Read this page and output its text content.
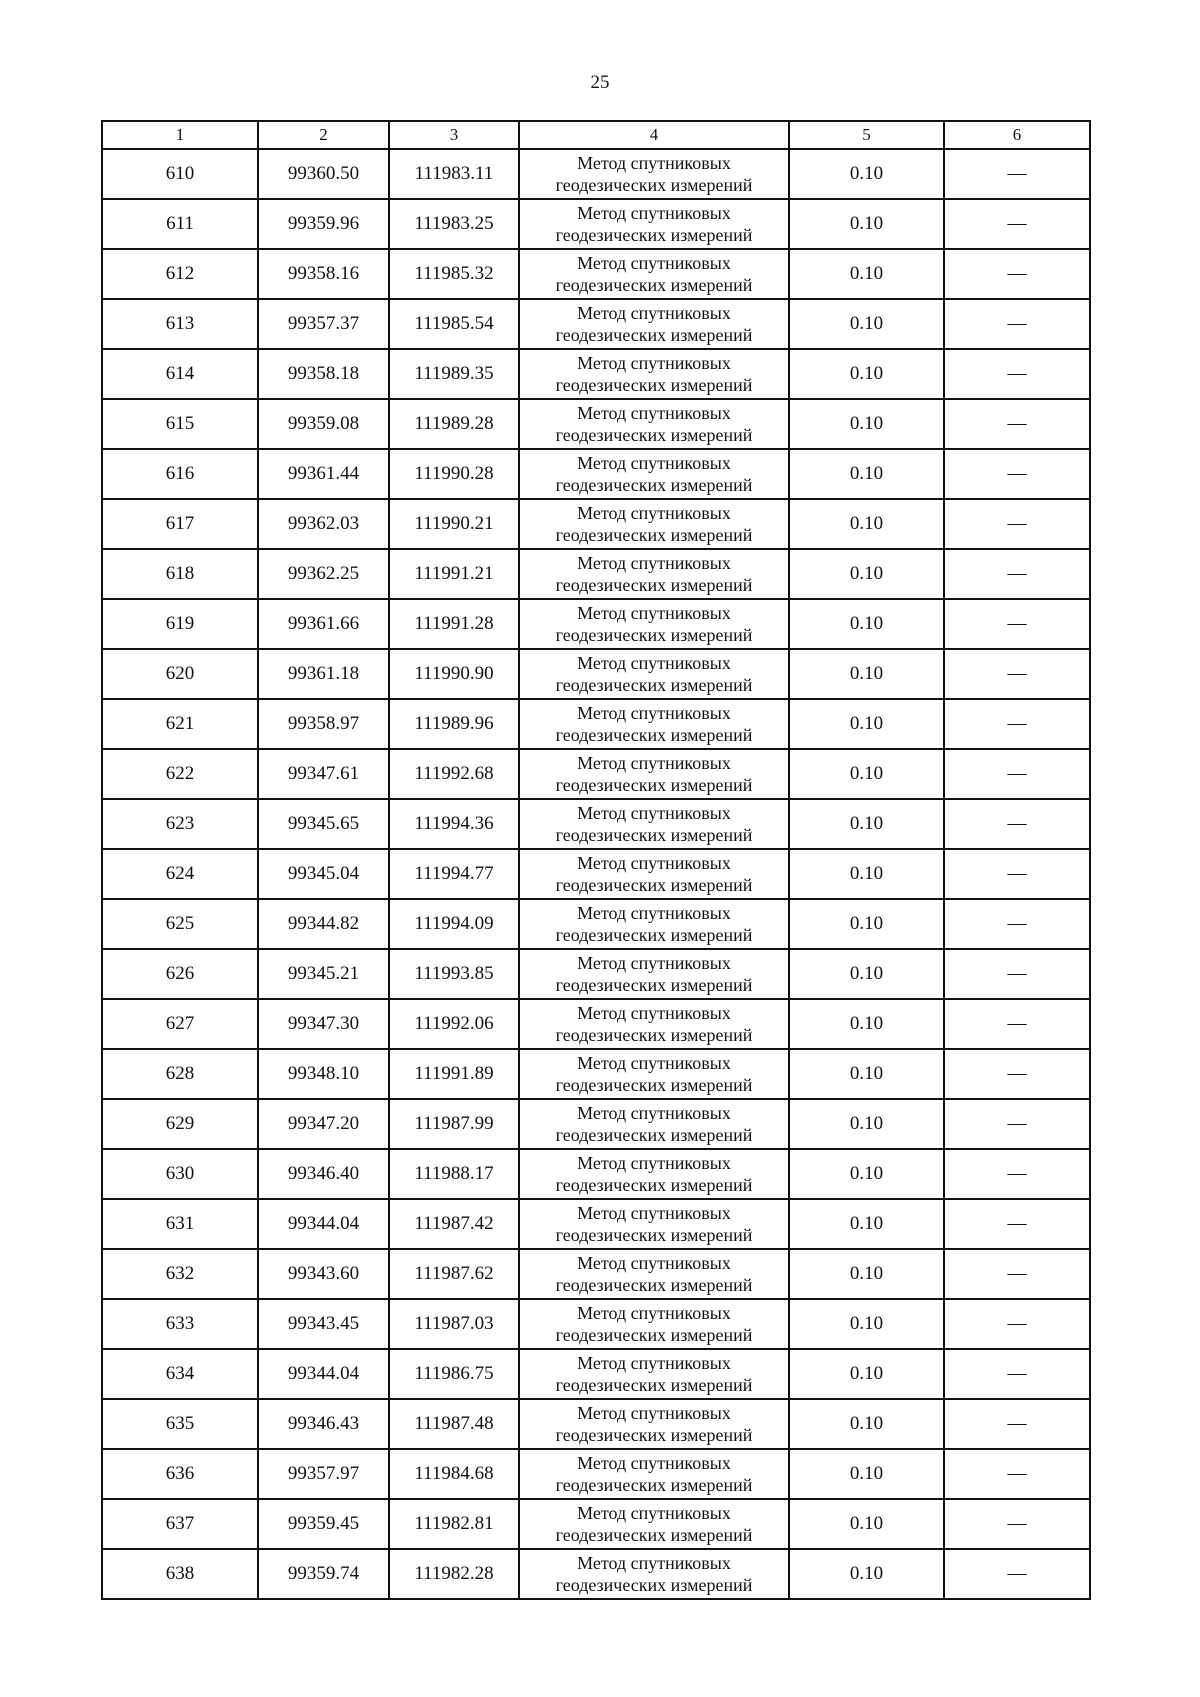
25
1	2	3	4	5	6
610	99360.50	111983.11	Метод спутниковых
геодезических измерений	0.10	—
611	99359.96	111983.25	Метод спутниковых
геодезических измерений	0.10	—
612	99358.16	111985.32	Метод спутниковых
геодезических измерений	0.10	—
613	99357.37	111985.54	Метод спутниковых
геодезических измерений	0.10	—
614	99358.18	111989.35	Метод спутниковых
геодезических измерений	0.10	—
615	99359.08	111989.28	Метод спутниковых
геодезических измерений	0.10	—
616	99361.44	111990.28	Метод спутниковых
геодезических измерений	0.10	—
617	99362.03	111990.21	Метод спутниковых
геодезических измерений	0.10	—
618	99362.25	111991.21	Метод спутниковых
геодезических измерений	0.10	—
619	99361.66	111991.28	Метод спутниковых
геодезических измерений	0.10	—
620	99361.18	111990.90	Метод спутниковых
геодезических измерений	0.10	—
621	99358.97	111989.96	Метод спутниковых
геодезических измерений	0.10	—
622	99347.61	111992.68	Метод спутниковых
геодезических измерений	0.10	—
623	99345.65	111994.36	Метод спутниковых
геодезических измерений	0.10	—
624	99345.04	111994.77	Метод спутниковых
геодезических измерений	0.10	—
625	99344.82	111994.09	Метод спутниковых
геодезических измерений	0.10	—
626	99345.21	111993.85	Метод спутниковых
геодезических измерений	0.10	—
627	99347.30	111992.06	Метод спутниковых
геодезических измерений	0.10	—
628	99348.10	111991.89	Метод спутниковых
геодезических измерений	0.10	—
629	99347.20	111987.99	Метод спутниковых
геодезических измерений	0.10	—
630	99346.40	111988.17	Метод спутниковых
геодезических измерений	0.10	—
631	99344.04	111987.42	Метод спутниковых
геодезических измерений	0.10	—
632	99343.60	111987.62	Метод спутниковых
геодезических измерений	0.10	—
633	99343.45	111987.03	Метод спутниковых
геодезических измерений	0.10	—
634	99344.04	111986.75	Метод спутниковых
геодезических измерений	0.10	—
635	99346.43	111987.48	Метод спутниковых
геодезических измерений	0.10	—
636	99357.97	111984.68	Метод спутниковых
геодезических измерений	0.10	—
637	99359.45	111982.81	Метод спутниковых
геодезических измерений	0.10	—
638	99359.74	111982.28	Метод спутниковых
геодезических измерений	0.10	—
